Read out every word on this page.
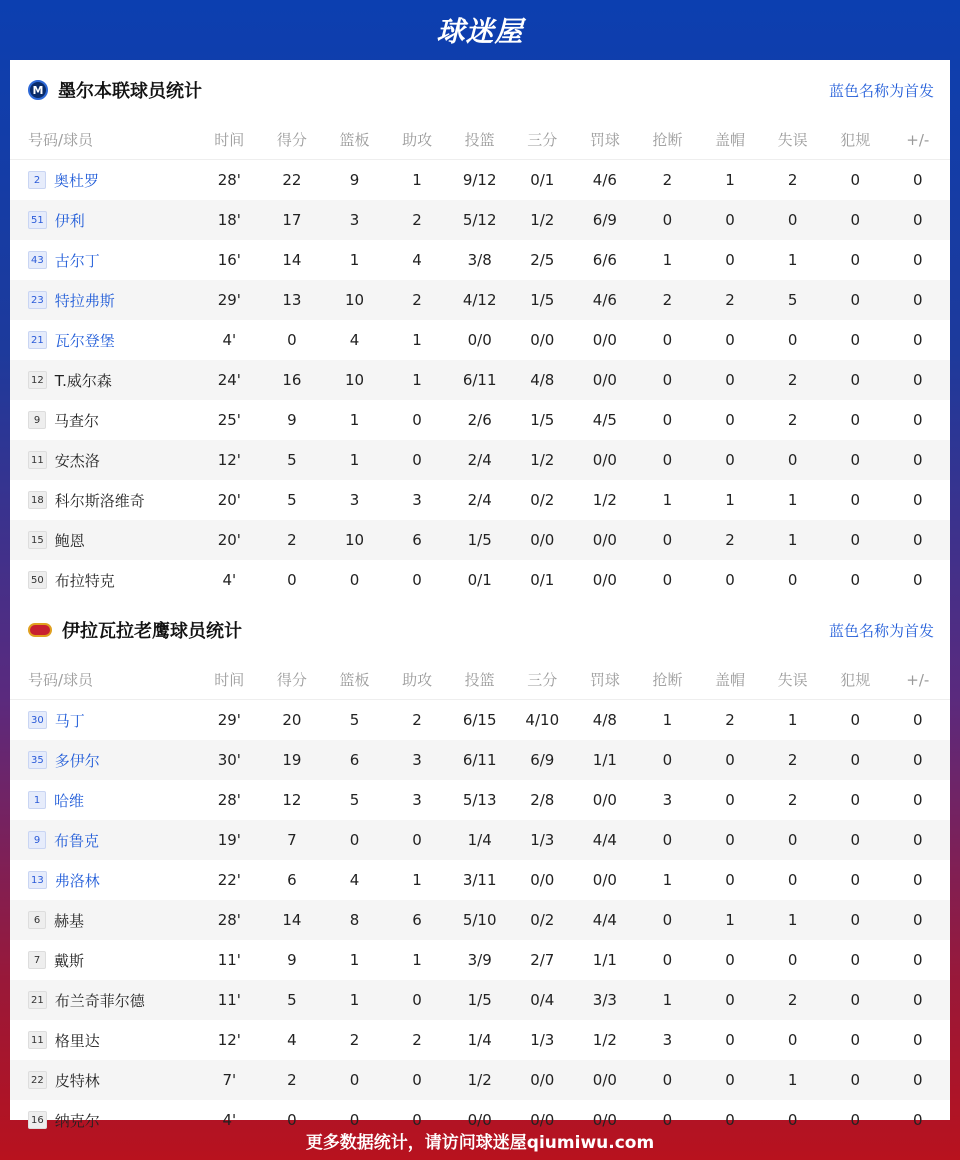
球迷屋
M 墨尔本联球员统计	蓝色名称为首发
号码/球员	时间	得分	篮板	助攻	投篮	三分	罚球	抢断	盖帽	失误	犯规	+/-
2 奥杜罗	28'	22	9	1	9/12	0/1	4/6	2	1	2	0	0
51 伊利	18'	17	3	2	5/12	1/2	6/9	0	0	0	0	0
43 古尔丁	16'	14	1	4	3/8	2/5	6/6	1	0	1	0	0
23 特拉弗斯	29'	13	10	2	4/12	1/5	4/6	2	2	5	0	0
21 瓦尔登堡	4'	0	4	1	0/0	0/0	0/0	0	0	0	0	0
12 T.威尔森	24'	16	10	1	6/11	4/8	0/0	0	0	2	0	0
9 马查尔	25'	9	1	0	2/6	1/5	4/5	0	0	2	0	0
11 安杰洛	12'	5	1	0	2/4	1/2	0/0	0	0	0	0	0
18 科尔斯洛维奇	20'	5	3	3	2/4	0/2	1/2	1	1	1	0	0
15 鲍恩	20'	2	10	6	1/5	0/0	0/0	0	2	1	0	0
50 布拉特克	4'	0	0	0	0/1	0/1	0/0	0	0	0	0	0
伊拉瓦拉老鹰球员统计	蓝色名称为首发
号码/球员	时间	得分	篮板	助攻	投篮	三分	罚球	抢断	盖帽	失误	犯规	+/-
30 马丁	29'	20	5	2	6/15	4/10	4/8	1	2	1	0	0
35 多伊尔	30'	19	6	3	6/11	6/9	1/1	0	0	2	0	0
1 哈维	28'	12	5	3	5/13	2/8	0/0	3	0	2	0	0
9 布鲁克	19'	7	0	0	1/4	1/3	4/4	0	0	0	0	0
13 弗洛林	22'	6	4	1	3/11	0/0	0/0	1	0	0	0	0
6 赫基	28'	14	8	6	5/10	0/2	4/4	0	1	1	0	0
7 戴斯	11'	9	1	1	3/9	2/7	1/1	0	0	0	0	0
21 布兰奇菲尔德	11'	5	1	0	1/5	0/4	3/3	1	0	2	0	0
11 格里达	12'	4	2	2	1/4	1/3	1/2	3	0	0	0	0
22 皮特林	7'	2	0	0	1/2	0/0	0/0	0	0	1	0	0
16 纳克尔	4'	0	0	0	0/0	0/0	0/0	0	0	0	0	0
更多数据统计，请访问球迷屋qiumiwu.com
